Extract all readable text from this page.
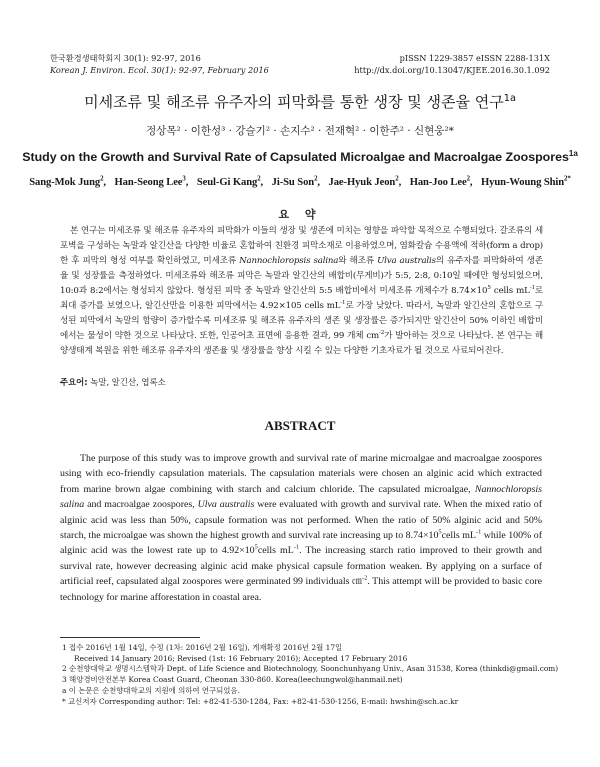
한국환경생태학회지 30(1): 92-97, 2016
Korean J. Environ. Ecol. 30(1): 92-97, February 2016
pISSN 1229-3857 eISSN 2288-131X
http://dx.doi.org/10.13047/KJEE.2016.30.1.092
미세조류 및 해조류 유주자의 피막화를 통한 생장 및 생존율 연구$^{1a}$
정상목² · 이한성³ · 강슬기² · 손지수² · 전재혁² · 이한주² · 신현웅²*
Study on the Growth and Survival Rate of Capsulated Microalgae and Macroalgae Zoospores$^{1a}$
Sang-Mok Jung$^2$, Han-Seong Lee$^3$, Seul-Gi Kang$^2$, Ji-Su Son$^2$, Jae-Hyuk Jeon$^2$, Han-Joo Lee$^2$, Hyun-Woung Shin$^{2*}$
요 약
본 연구는 미세조류 및 해조류 유주자의 피막화가 이들의 생장 및 생존에 미치는 영향을 파악할 목적으로 수행되었다. 갈조류의 세포벽을 구성하는 녹말과 알긴산을 다양한 비율로 혼합하여 친환경 피막소재로 이용하였으며, 염화칼슘 수용액에 적하(form a drop)한 후 피막의 형성 여부를 확인하였고, 미세조류 Nannochloropsis salina와 해조류 Ulva australis의 유주자를 피막화하여 생존율 및 성장률을 측정하였다. 미세조류와 해조류 피막은 녹말과 알긴산의 배합비(무게비)가 5:5, 2:8, 0:10일 때에만 형성되었으며, 10:0과 8:2에서는 형성되지 않았다. 형성된 피막 중 녹말과 알긴산의 5:5 배합비에서 미세조류 개체수가 $8.74\times 10^5$ cells $mL^{-1}$로 최대 증가를 보였으나, 알긴산만을 이용한 피막에서는 4.92×105 cells $mL^{-1}$로 가장 낮았다. 따라서, 녹말과 알긴산의 혼합으로 구성된 피막에서 녹말의 함량이 증가할수록 미세조류 및 해조류 유주자의 생존 및 생장률은 증가되지만 알긴산이 50% 이하인 배합비에서는 물성이 약한 것으로 나타났다. 또한, 인공어초 표면에 응용한 결과, 99 개체 $cm^{-2}$가 발아하는 것으로 나타났다. 본 연구는 해양생태계 복원을 위한 해조류 유주자의 생존율 및 생장률을 향상 시킬 수 있는 다양한 기초자료가 될 것으로 사료되어진다.
주요어: 녹말, 알긴산, 엽록소
ABSTRACT
The purpose of this study was to improve growth and survival rate of marine microalgae and macroalgae zoospores using with eco-friendly capsulation materials. The capsulation materials were chosen an alginic acid which extracted from marine brown algae combining with starch and calcium chloride. The capsulated microalgae, Nannochloropsis salina and macroalgae zoospores, Ulva australis were evaluated with growth and survival rate. When the mixed ratio of alginic acid was less than 50%, capsule formation was not performed. When the ratio of 50% alginic acid and 50% starch, the microalgae was shown the highest growth and survival rate increasing up to $8.74\times 10^5cells$ $mL^{-1}$ while 100% of alginic acid was the lowest rate up to $4.92\times 10^5cells$ $mL^{-1}$. The increasing starch ratio improved to their growth and survival rate, however decreasing alginic acid make physical capsule formation weaken. By applying on a surface of artificial reef, capsulated algal zoospores were germinated 99 individuals ㎝$^{-2}$. This attempt will be provided to basic core technology for marine afforestation in coastal area.
1 접수 2016년 1월 14일, 수정 (1차: 2016년 2월 16일), 게재확정 2016년 2월 17일
Received 14 January 2016; Revised (1st: 16 February 2016); Accepted 17 February 2016
2 순천향대학교 생명시스템학과 Dept. of Life Science and Biotechnology, Soonchunhyang Univ., Asan 31538, Korea (thinkdi@gmail.com)
3 해양경비안전본부 Korea Coast Guard, Cheonan 330-860. Korea(leechungwol@hanmail.net)
a 이 논문은 순천향대학교의 지원에 의하여 연구되었음.
* 교신저자 Corresponding author: Tel: +82-41-530-1284, Fax: +82-41-530-1256, E-mail: hwshin@sch.ac.kr
